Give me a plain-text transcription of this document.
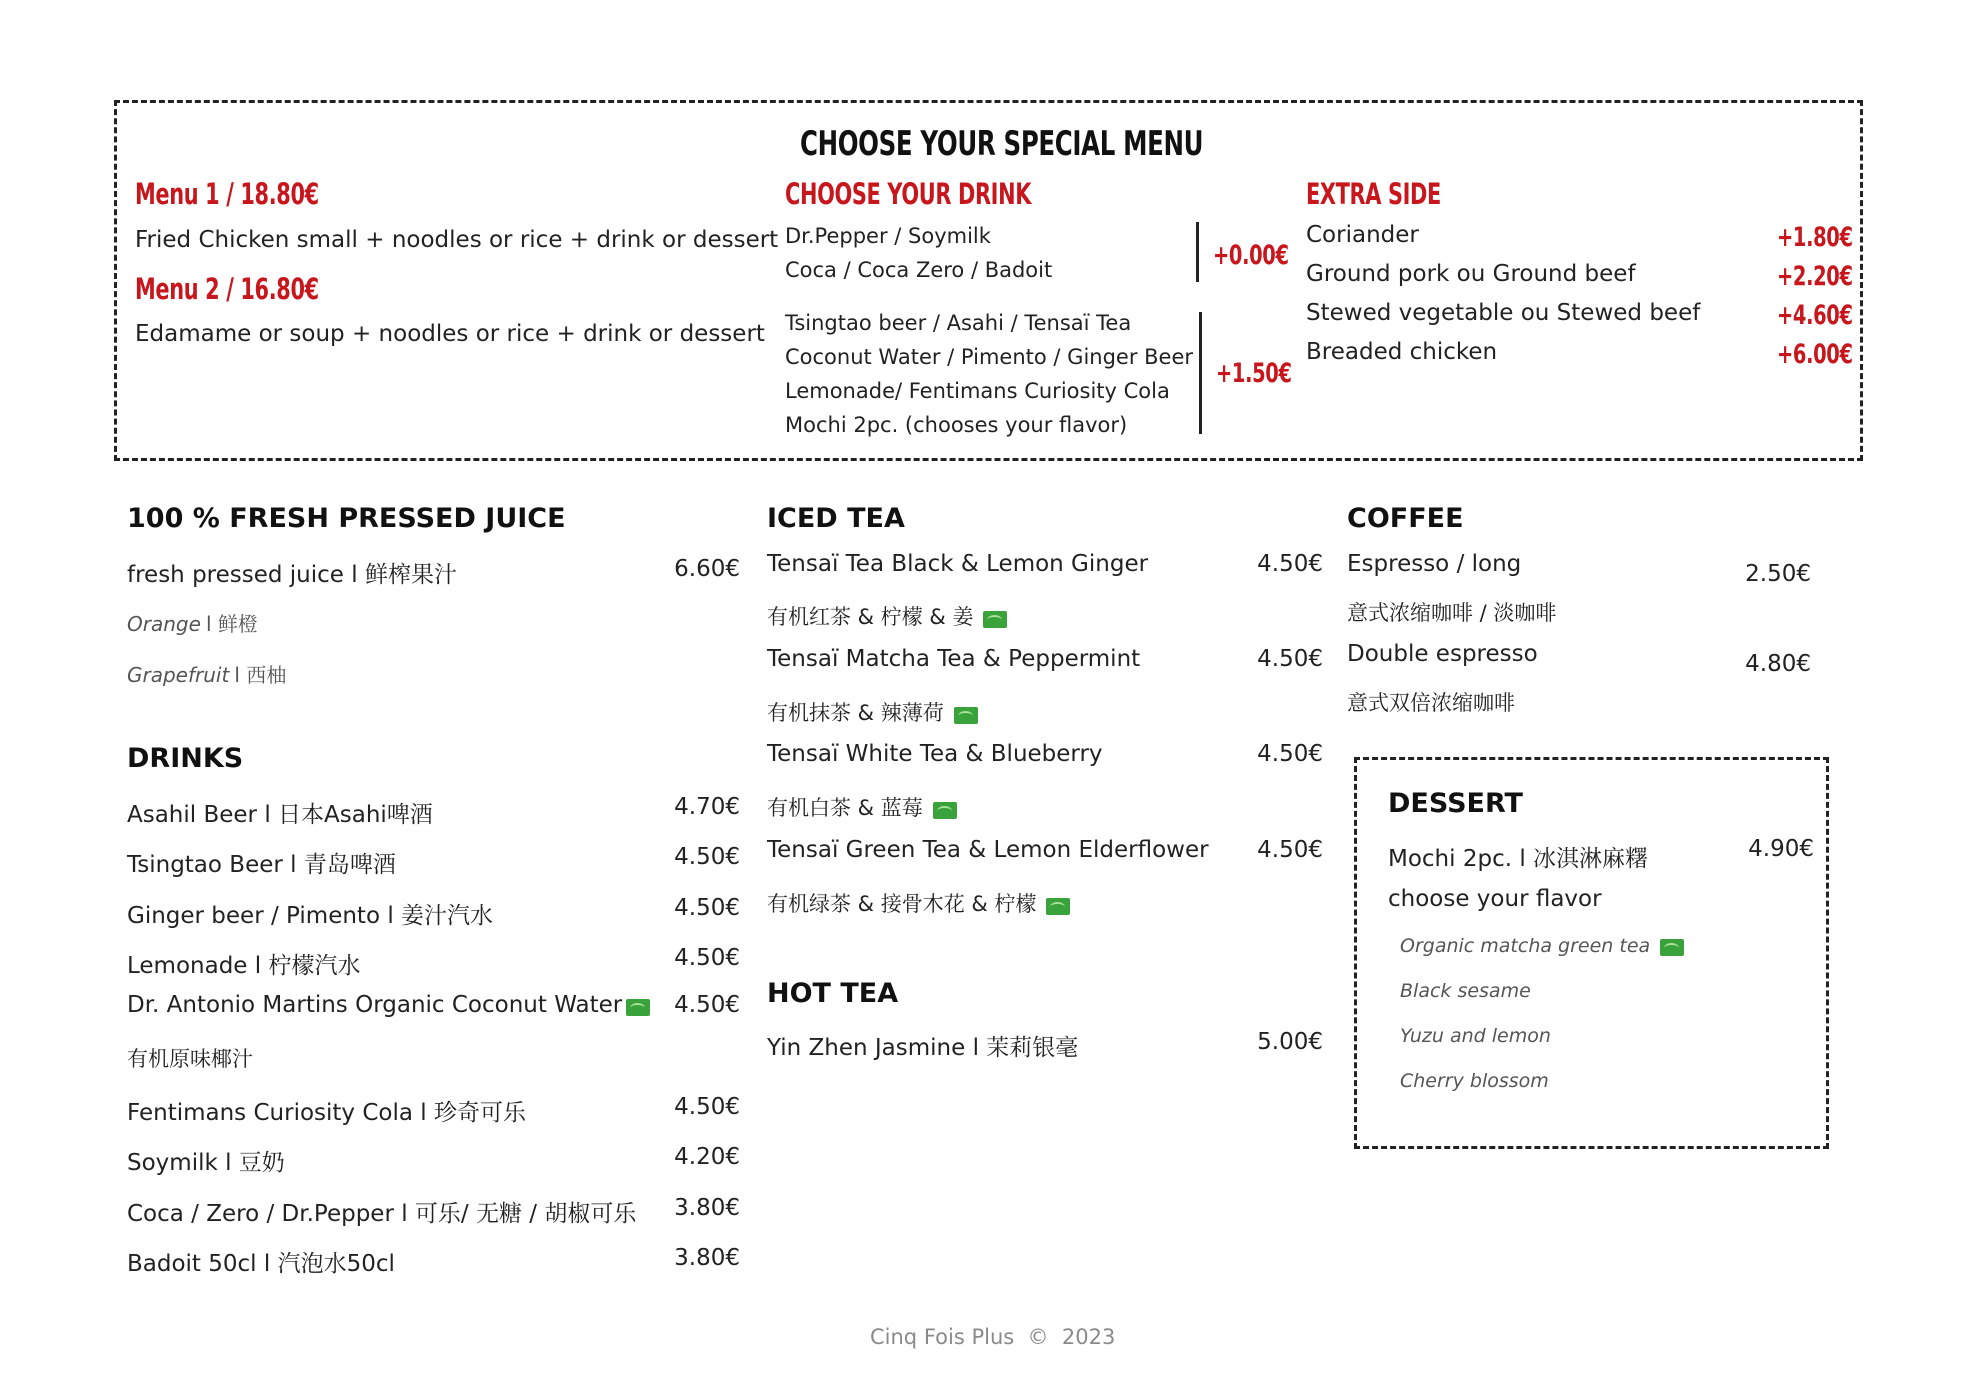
CHOOSE YOUR SPECIAL MENU
Menu 1 / 18.80€
Fried Chicken small + noodles or rice + drink or dessert
Menu 2 / 16.80€
Edamame or soup + noodles or rice + drink or dessert
CHOOSE YOUR DRINK
Dr.Pepper / Soymilk
Coca / Coca Zero / Badoit	+0.00€
Tsingtao beer / Asahi / Tensaï Tea
Coconut Water / Pimento / Ginger Beer
Lemonade/ Fentimans Curiosity Cola
Mochi 2pc. (chooses your flavor)
+1.50€
EXTRA SIDE
Coriander	+1.80€
Ground pork ou Ground beef	+2.20€
Stewed vegetable ou Stewed beef	+4.60€
Breaded chicken	+6.00€
100 % FRESH PRESSED JUICE
fresh pressed juice l 鲜榨果汁	6.60€
Orange l 鲜橙
Grapefruit l 西柚
DRINKS
Asahil Beer l 日本Asahi啤酒	4.70€
Tsingtao Beer l 青岛啤酒	4.50€
Ginger beer / Pimento l 姜汁汽水	4.50€
Lemonade l 柠檬汽水	4.50€
Dr. Antonio Martins Organic Coconut Water	4.50€
有机原味椰汁
Fentimans Curiosity Cola l 珍奇可乐	4.50€
Soymilk l 豆奶	4.20€
Coca / Zero / Dr.Pepper l 可乐/ 无糖 / 胡椒可乐	3.80€
Badoit 50cl l 汽泡水50cl	3.80€
ICED TEA
Tensaï Tea Black & Lemon Ginger	4.50€
有机红茶 & 柠檬 & 姜
Tensaï Matcha Tea & Peppermint	4.50€
有机抹茶 & 辣薄荷
Tensaï White Tea & Blueberry	4.50€
有机白茶 & 蓝莓
Tensaï Green Tea & Lemon Elderflower	4.50€
有机绿茶 & 接骨木花 & 柠檬
HOT TEA
Yin Zhen Jasmine l 茉莉银毫	5.00€
COFFEE
Espresso / long	2.50€
意式浓缩咖啡 / 淡咖啡
Double espresso	4.80€
意式双倍浓缩咖啡
DESSERT
Mochi 2pc. l 冰淇淋麻糬	4.90€
choose your flavor
Organic matcha green tea
Black sesame
Yuzu and lemon
Cherry blossom
Cinq Fois Plus  ©  2023
